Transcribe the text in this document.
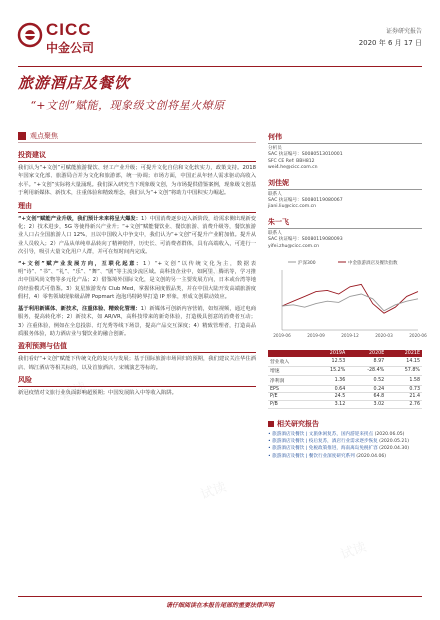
试读
试读
试读
试读
试读
CICC
中金公司
证券研究报告
2020 年 6 月 17 日
旅游酒店及餐饮
“+文创”赋能，现象级文创将星火燎原
观点聚焦
投资建议

我们认为“+文创”可赋能旅游餐饮、轻工产业升级；可提升文化自信和文化软实力，政策支持。2018 年国家文化部、旅游局合并为文化和旅游部，统一协调；市场方面，中国正从年轻人需求驱动高收入水平。“+文创”实际将大量涌现。我们深入研究当下现象级文创，为市场提供借鉴案例，现象级文创基于利用新媒体、新技术，注重体验和精致理念，我们认为“+文创”将助力中国积实力崛起。

理由

“+文创”赋能产业升级，我们预计未来将呈大爆发：1）中国消费逐步迈入新阶段，给需求侧出现新变化；2）技术进步，5G 等使得新兴产业升；“+文创”赋能餐饮业、餐饮旅游、消费升级等，餐饮旅游业人口占全国旅游人口 12%，且以中国收入中争支中，我们认为“+文创”可提升产业附加值。提升从业人员收入；2）产品从单纯单品转向了精神陪伴，历史长、可消费者群体，具有高端收入，可进行一次引导，吸引大量文化用户人群，并可在短时间内完成。

“+文创”赋产业发展方向，互联化起意：1）“+文创”以传统文化为主，数据表明“诗”、“书”、“礼”、“乐”、“舞”、“剧”等主流步流区域。高科技企业中，如阿里、腾讯等，学习推出中国风尚文物等多元化产品；2）借鉴境外国际文化，是文创的另一主要发展方向，日本或台湾等地的经验模式可借鉴。3）复星旅游发布 Club Med，掌握休闲度假品类，并在中国大陆开发高端旅游度假村，4）零售领域现象级品牌 Popmart 泡泡玛特跨界打造 IP 形象，形成文创联动效应。

基于利用新媒体、新技术，注重体验、精致化管理：1）新媒体可创新内容营销，如短视频，通过电商服务，提高转化率；2）新技术，如 AR/VR，高科技带来的新奇体验，打造极具创意的消费者互动；3）注重体验，例如在全息投影、灯光秀等线下场景，提高产品交互深度；4）精致管理者，打造高品质服务体验，助力酒店业与餐饮业的融合创新。

盈利预测与估值

我们看好“+文创”赋能下传统文化的复兴与发展；基于国际旅游市场回归的预期，我们建议关注华住酒店、锦江酒店等相关标的，以及首旅酒店、宋城演艺等标的。

风险

新冠疫情对文旅行业负面影响超预期；中国发展陷入中等收入陷阱。

何伟
分析员
SAC 执证编号：S0080513010001
SFC CE Ref: BBH812
wei4.he@cicc.com.cn
刘佳妮
联系人
SAC 执证编号：S0080119080067
jiani.liu@cicc.com.cn
朱一飞
联系人
SAC 执证编号：S0080119080093
yifei.zhu@cicc.com.cn
沪深300	中金旅游酒店及餐饮指数
2019-06	2019-09	2019-12	2020-03	2020-06
	2019A	2020E	2021E
营业收入	12.53	8.97	14.15
增速	15.2%	-28.4%	57.8%
净利润	1.36	0.52	1.58
EPS	0.64	0.24	0.73
P/E	24.5	64.8	21.4
P/B	3.12	3.02	2.76
相关研究报告
• 旅游酒店及餐饮 | 文旅休闲复苏，国内游迎来拐点 (2020.06.05)
• 旅游酒店及餐饮 | 疫后复苏，酒店行业需求逐步恢复 (2020.05.21)
• 旅游酒店及餐饮 | 免税政策推进，海南离岛免税扩容 (2020.04.30)
• 旅游酒店及餐饮 | 餐饮行业深度研究系列 (2020.04.06)
请仔细阅读在本报告尾部的重要法律声明
